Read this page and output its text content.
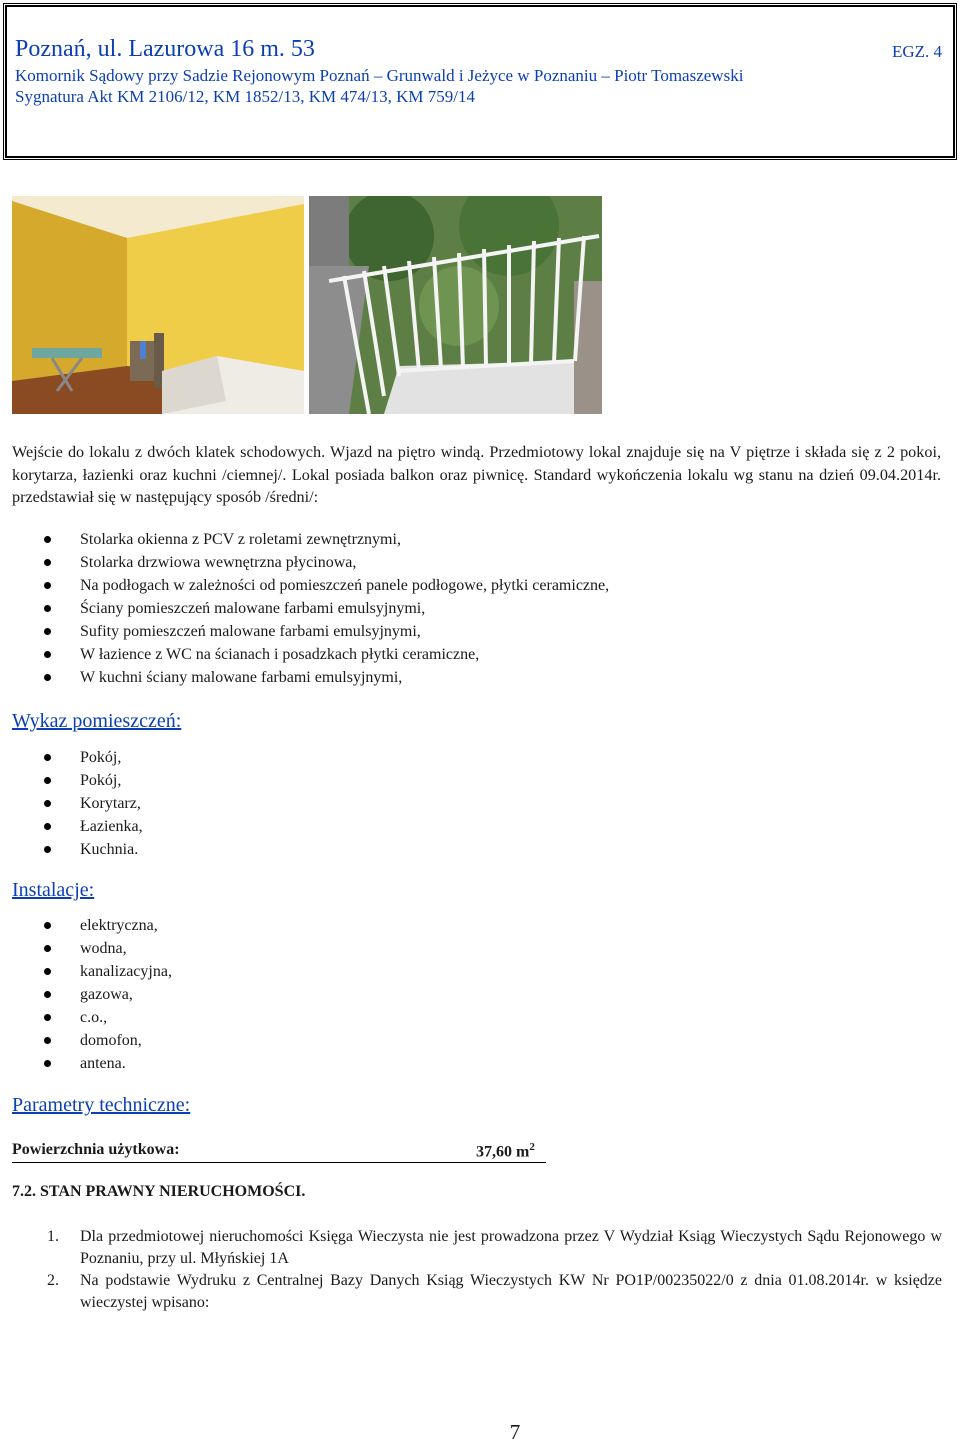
Poznań, ul. Lazurowa 16 m. 53	EGZ. 4
Komornik Sądowy przy Sadzie Rejonowym Poznań – Grunwald i Jeżyce w Poznaniu – Piotr Tomaszewski
Sygnatura Akt KM 2106/12, KM 1852/13, KM 474/13, KM 759/14
Wejście do lokalu z dwóch klatek schodowych. Wjazd na piętro windą. Przedmiotowy lokal znajduje się na V piętrze i składa się z 2 pokoi, korytarza, łazienki oraz kuchni /ciemnej/. Lokal posiada balkon oraz piwnicę. Standard wykończenia lokalu wg stanu na dzień 09.04.2014r. przedstawiał się w następujący sposób /średni/:
Stolarka okienna z PCV z roletami zewnętrznymi,
Stolarka drzwiowa wewnętrzna płycinowa,
Na podłogach w zależności od pomieszczeń panele podłogowe, płytki ceramiczne,
Ściany pomieszczeń malowane farbami emulsyjnymi,
Sufity pomieszczeń malowane farbami emulsyjnymi,
W łazience z WC na ścianach i posadzkach płytki ceramiczne,
W kuchni ściany malowane farbami emulsyjnymi,
Wykaz pomieszczeń:
Pokój,
Pokój,
Korytarz,
Łazienka,
Kuchnia.
Instalacje:
elektryczna,
wodna,
kanalizacyjna,
gazowa,
c.o.,
domofon,
antena.
Parametry techniczne:
Powierzchnia użytkowa:	37,60 $m^2$
7.2. STAN PRAWNY NIERUCHOMOŚCI.
1. Dla przedmiotowej nieruchomości Księga Wieczysta nie jest prowadzona przez V Wydział Ksiąg Wieczystych Sądu Rejonowego w Poznaniu, przy ul. Młyńskiej 1A
2. Na podstawie Wydruku z Centralnej Bazy Danych Ksiąg Wieczystych KW Nr PO1P/00235022/0 z dnia 01.08.2014r. w księdze wieczystej wpisano:
7
